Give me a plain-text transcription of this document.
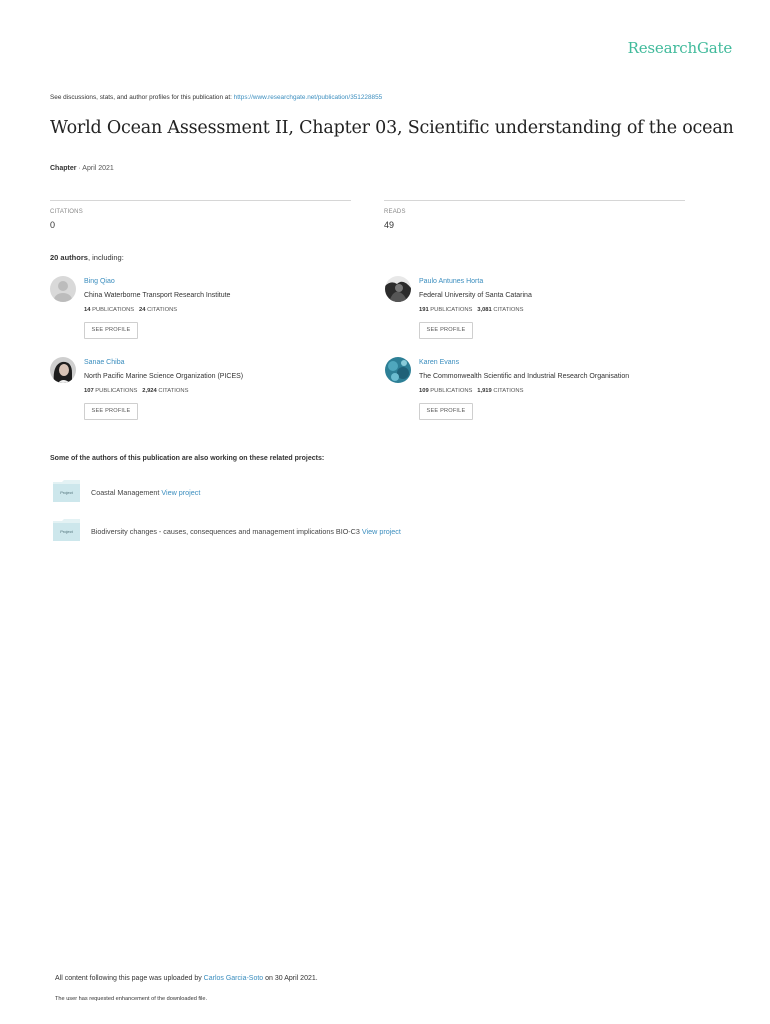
ResearchGate
See discussions, stats, and author profiles for this publication at: https://www.researchgate.net/publication/351228855
World Ocean Assessment II, Chapter 03, Scientific understanding of the ocean
Chapter · April 2021
CITATIONS
0
READS
49
20 authors, including:
Bing Qiao
China Waterborne Transport Research Institute
14 PUBLICATIONS 24 CITATIONS
SEE PROFILE
Paulo Antunes Horta
Federal University of Santa Catarina
191 PUBLICATIONS 3,081 CITATIONS
SEE PROFILE
Sanae Chiba
North Pacific Marine Science Organization (PICES)
107 PUBLICATIONS 2,924 CITATIONS
SEE PROFILE
Karen Evans
The Commonwealth Scientific and Industrial Research Organisation
109 PUBLICATIONS 1,919 CITATIONS
SEE PROFILE
Some of the authors of this publication are also working on these related projects:
Project	Coastal Management View project
Project	Biodiversity changes - causes, consequences and management implications BIO-C3 View project
All content following this page was uploaded by Carlos Garcia-Soto on 30 April 2021.
The user has requested enhancement of the downloaded file.
